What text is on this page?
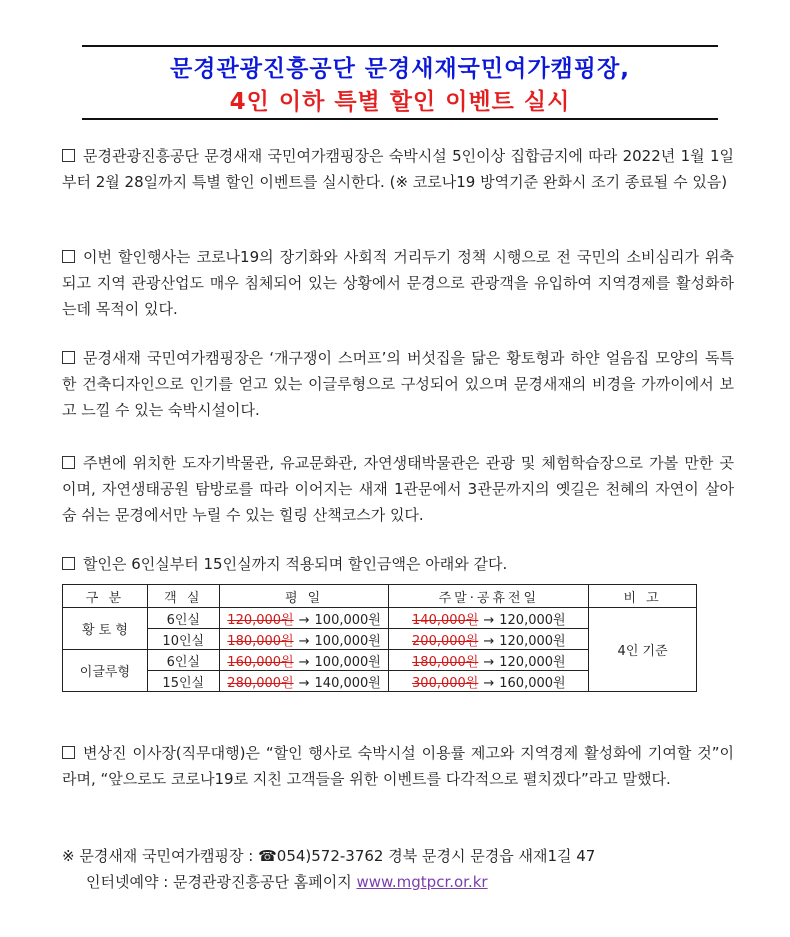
문경관광진흥공단 문경새재국민여가캠핑장,
4인 이하 특별 할인 이벤트 실시
문경관광진흥공단 문경새재 국민여가캠핑장은 숙박시설 5인이상 집합금지에 따라 2022년 1월 1일부터 2월 28일까지 특별 할인 이벤트를 실시한다. (※ 코로나19 방역기준 완화시 조기 종료될 수 있음)
이번 할인행사는 코로나19의 장기화와 사회적 거리두기 정책 시행으로 전 국민의 소비심리가 위축되고 지역 관광산업도 매우 침체되어 있는 상황에서 문경으로 관광객을 유입하여 지역경제를 활성화하는데 목적이 있다.
문경새재 국민여가캠핑장은 ‘개구쟁이 스머프’의 버섯집을 닮은 황토형과 하얀 얼음집 모양의 독특한 건축디자인으로 인기를 얻고 있는 이글루형으로 구성되어 있으며 문경새재의 비경을 가까이에서 보고 느낄 수 있는 숙박시설이다.
주변에 위치한 도자기박물관, 유교문화관, 자연생태박물관은 관광 및 체험학습장으로 가볼 만한 곳이며, 자연생태공원 탐방로를 따라 이어지는 새재 1관문에서 3관문까지의 옛길은 천혜의 자연이 살아 숨 쉬는 문경에서만 누릴 수 있는 힐링 산책코스가 있다.
할인은 6인실부터 15인실까지 적용되며 할인금액은 아래와 같다.
구 분	객 실	평 일	주말·공휴전일	비 고
황 토 형	6인실	120,000원 → 100,000원	140,000원 → 120,000원	4인 기준
	10인실	180,000원 → 100,000원	200,000원 → 120,000원	
이글루형	6인실	160,000원 → 100,000원	180,000원 → 120,000원	
	15인실	280,000원 → 140,000원	300,000원 → 160,000원	
변상진 이사장(직무대행)은 “할인 행사로 숙박시설 이용률 제고와 지역경제 활성화에 기여할 것”이라며, “앞으로도 코로나19로 지친 고객들을 위한 이벤트를 다각적으로 펼치겠다”라고 말했다.
※ 문경새재 국민여가캠핑장 : ☎054)572-3762 경북 문경시 문경읍 새재1길 47
인터넷예약 : 문경관광진흥공단 홈페이지 www.mgtpcr.or.kr
